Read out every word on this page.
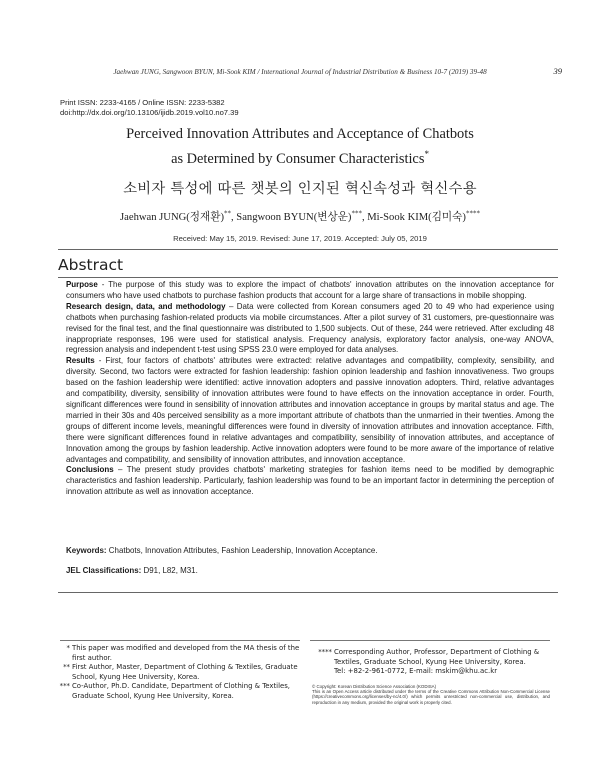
Jaehwan JUNG, Sangwoon BYUN, Mi-Sook KIM / International Journal of Industrial Distribution & Business 10-7 (2019) 39-48	39
Print ISSN: 2233-4165 / Online ISSN: 2233-5382
doi:http://dx.doi.org/10.13106/ijidb.2019.vol10.no7.39
Perceived Innovation Attributes and Acceptance of Chatbots
as Determined by Consumer Characteristics*
소비자 특성에 따른 챗봇의 인지된 혁신속성과 혁신수용
Jaehwan JUNG(정재환)**, Sangwoon BYUN(변상운)***, Mi-Sook KIM(김미숙)****
Received: May 15, 2019. Revised: June 17, 2019. Accepted: July 05, 2019
Abstract

Purpose - The purpose of this study was to explore the impact of chatbots' innovation attributes on the innovation acceptance for consumers who have used chatbots to purchase fashion products that account for a large share of transactions in mobile shopping.

Research design, data, and methodology – Data were collected from Korean consumers aged 20 to 49 who had experience using chatbots when purchasing fashion-related products via mobile circumstances. After a pilot survey of 31 customers, pre-questionnaire was revised for the final test, and the final questionnaire was distributed to 1,500 subjects. Out of these, 244 were retrieved. After excluding 48 inappropriate responses, 196 were used for statistical analysis. Frequency analysis, exploratory factor analysis, one-way ANOVA, regression analysis and independent t-test using SPSS 23.0 were employed for data analyses.

Results - First, four factors of chatbots' attributes were extracted: relative advantages and compatibility, complexity, sensibility, and diversity. Second, two factors were extracted for fashion leadership: fashion opinion leadership and fashion innovativeness. Two groups based on the fashion leadership were identified: active innovation adopters and passive innovation adopters. Third, relative advantages and compatibility, diversity, sensibility of innovation attributes were found to have effects on the innovation acceptance in order. Fourth, significant differences were found in sensibility of innovation attributes and innovation acceptance in groups by marital status and age. The married in their 30s and 40s perceived sensibility as a more important attribute of chatbots than the unmarried in their twenties. Among the groups of different income levels, meaningful differences were found in diversity of innovation attributes and innovation acceptance. Fifth, there were significant differences found in relative advantages and compatibility, sensibility of innovation attributes, and acceptance of Innovation among the groups by fashion leadership. Active innovation adopters were found to be more aware of the importance of relative advantages and compatibility, and sensibility of innovation attributes, and innovation acceptance.

Conclusions – The present study provides chatbots' marketing strategies for fashion items need to be modified by demographic characteristics and fashion leadership. Particularly, fashion leadership was found to be an important factor in determining the perception of innovation attribute as well as innovation acceptance.

Keywords: Chatbots, Innovation Attributes, Fashion Leadership, Innovation Acceptance.
JEL Classifications: D91, L82, M31.
* This paper was modified and developed from the MA thesis of the first author.
** First Author, Master, Department of Clothing & Textiles, Graduate School, Kyung Hee University, Korea.
*** Co-Author, Ph.D. Candidate, Department of Clothing & Textiles, Graduate School, Kyung Hee University, Korea.
**** Corresponding Author, Professor, Department of Clothing & Textiles, Graduate School, Kyung Hee University, Korea.
Tel: +82-2-961-0772, E-mail: mskim@khu.ac.kr
© Copyright: Korean Distribution Science Association (KODISA)
This is an Open Access article distributed under the terms of the Creative Commons Attribution Non-Commercial License (https://creativecommons.org/licenses/by-nc/4.0/) which permits unrestricted non-commercial use, distribution, and reproduction in any medium, provided the original work is properly cited.
